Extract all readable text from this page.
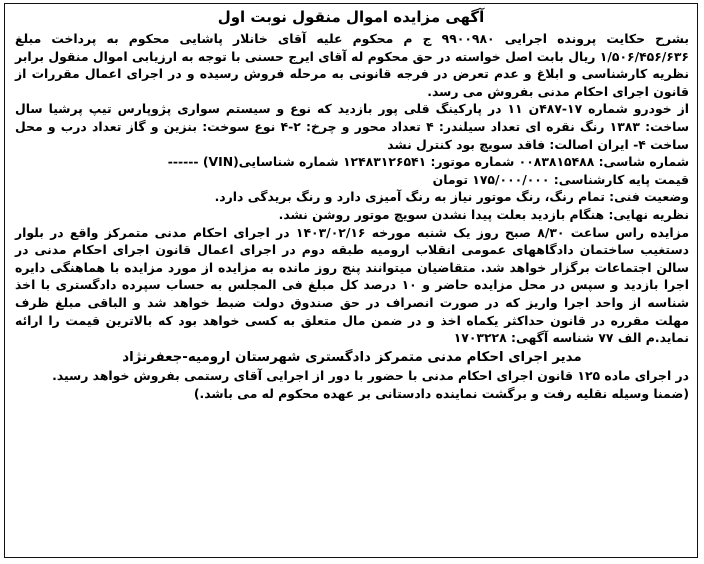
آگهی مزایده اموال منقول نوبت اول

بشرح حکایت پرونده اجرایی ۹۹۰۰۹۸۰ ج م محکوم علیه آقای خانلار پاشایی محکوم به پرداخت مبلغ ۱/۵۰۶/۴۵۶/۶۳۶ ریال بابت اصل خواسته در حق محکوم له آقای ایرج حسنی با توجه به ارزیابی اموال منقول برابر نظریه کارشناسی و ابلاغ و عدم تعرض در فرجه قانونی به مرحله فروش رسیده و در اجرای اعمال مقررات از قانون اجرای احکام مدنی بفروش می رسد.

از خودرو شماره ۱۷-۴۸۷ن ۱۱ در پارکینگ قلی پور بازدید که نوع و سیستم سواری پژوپارس تیپ پرشیا سال ساخت: ۱۳۸۳ رنگ نقره ای تعداد سیلندر: ۴ تعداد محور و چرخ: ۲-۴ نوع سوخت: بنزین و گاز تعداد درب و محل ساخت ۴- ایران اصالت: فاقد سویچ بود کنترل نشد

شماره شاسی: ۰۰۸۳۸۱۵۴۸۸ شماره موتور: ۱۲۴۸۳۱۲۶۵۴۱ شماره شناسایی(VIN) ------

قیمت پایه کارشناسی: ۱۷۵/۰۰۰/۰۰۰ تومان

وضعیت فنی: تمام رنگ، رنگ موتور نیاز به رنگ آمیزی دارد و رنگ بریدگی دارد.

نظریه نهایی: هنگام بازدید بعلت پیدا نشدن سویچ موتور روشن نشد.

مزایده راس ساعت ۸/۳۰ صبح روز یک شنبه مورخه ۱۴۰۳/۰۲/۱۶ در اجرای احکام مدنی متمرکز واقع در بلوار دستغیب ساختمان دادگاههای عمومی انقلاب ارومیه طبقه دوم در اجرای اعمال قانون اجرای احکام مدنی در سالن اجتماعات برگزار خواهد شد. متقاضیان میتوانند پنج روز مانده به مزایده از مورد مزایده با هماهنگی دایره اجرا بازدید و سپس در محل مزایده حاضر و ۱۰ درصد کل مبلغ فی المجلس به حساب سپرده دادگستری با اخذ شناسه از واحد اجرا واریز که در صورت انصراف در حق صندوق دولت ضبط خواهد شد و الباقی مبلغ ظرف مهلت مقرره در قانون حداکثر یکماه اخذ و در ضمن مال متعلق به کسی خواهد بود که بالاترین قیمت را ارائه نماید.م الف ۷۷ شناسه آگهی: ۱۷۰۳۲۲۸

مدیر اجرای احکام مدنی متمرکز دادگستری شهرستان ارومیه-جعفرنژاد

در اجرای ماده ۱۲۵ قانون اجرای احکام مدنی با حضور با دور از اجرایی آقای رستمی بفروش خواهد رسید.

(ضمنا وسیله نقلیه رفت و برگشت نماینده دادستانی بر عهده محکوم له می باشد.)
